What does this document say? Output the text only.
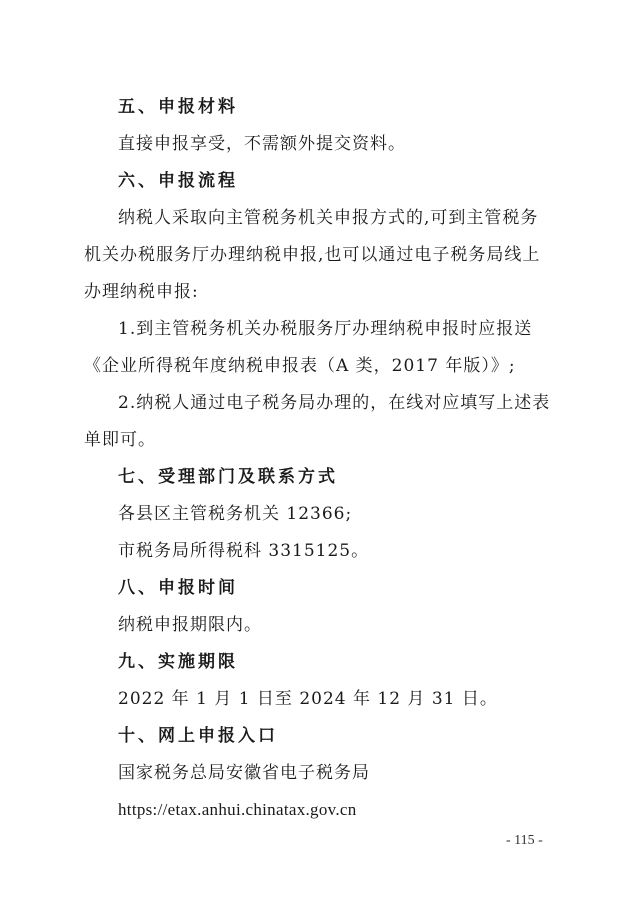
五、申报材料
直接申报享受，不需额外提交资料。
六、申报流程
纳税人采取向主管税务机关申报方式的,可到主管税务
机关办税服务厅办理纳税申报,也可以通过电子税务局线上
办理纳税申报:
1.到主管税务机关办税服务厅办理纳税申报时应报送
《企业所得税年度纳税申报表（A 类，2017 年版）》;
2.纳税人通过电子税务局办理的，在线对应填写上述表
单即可。
七、受理部门及联系方式
各县区主管税务机关 12366;
市税务局所得税科 3315125。
八、申报时间
纳税申报期限内。
九、实施期限
2022 年 1 月 1 日至 2024 年 12 月 31 日。
十、网上申报入口
国家税务总局安徽省电子税务局
https://etax.anhui.chinatax.gov.cn
- 115 -
